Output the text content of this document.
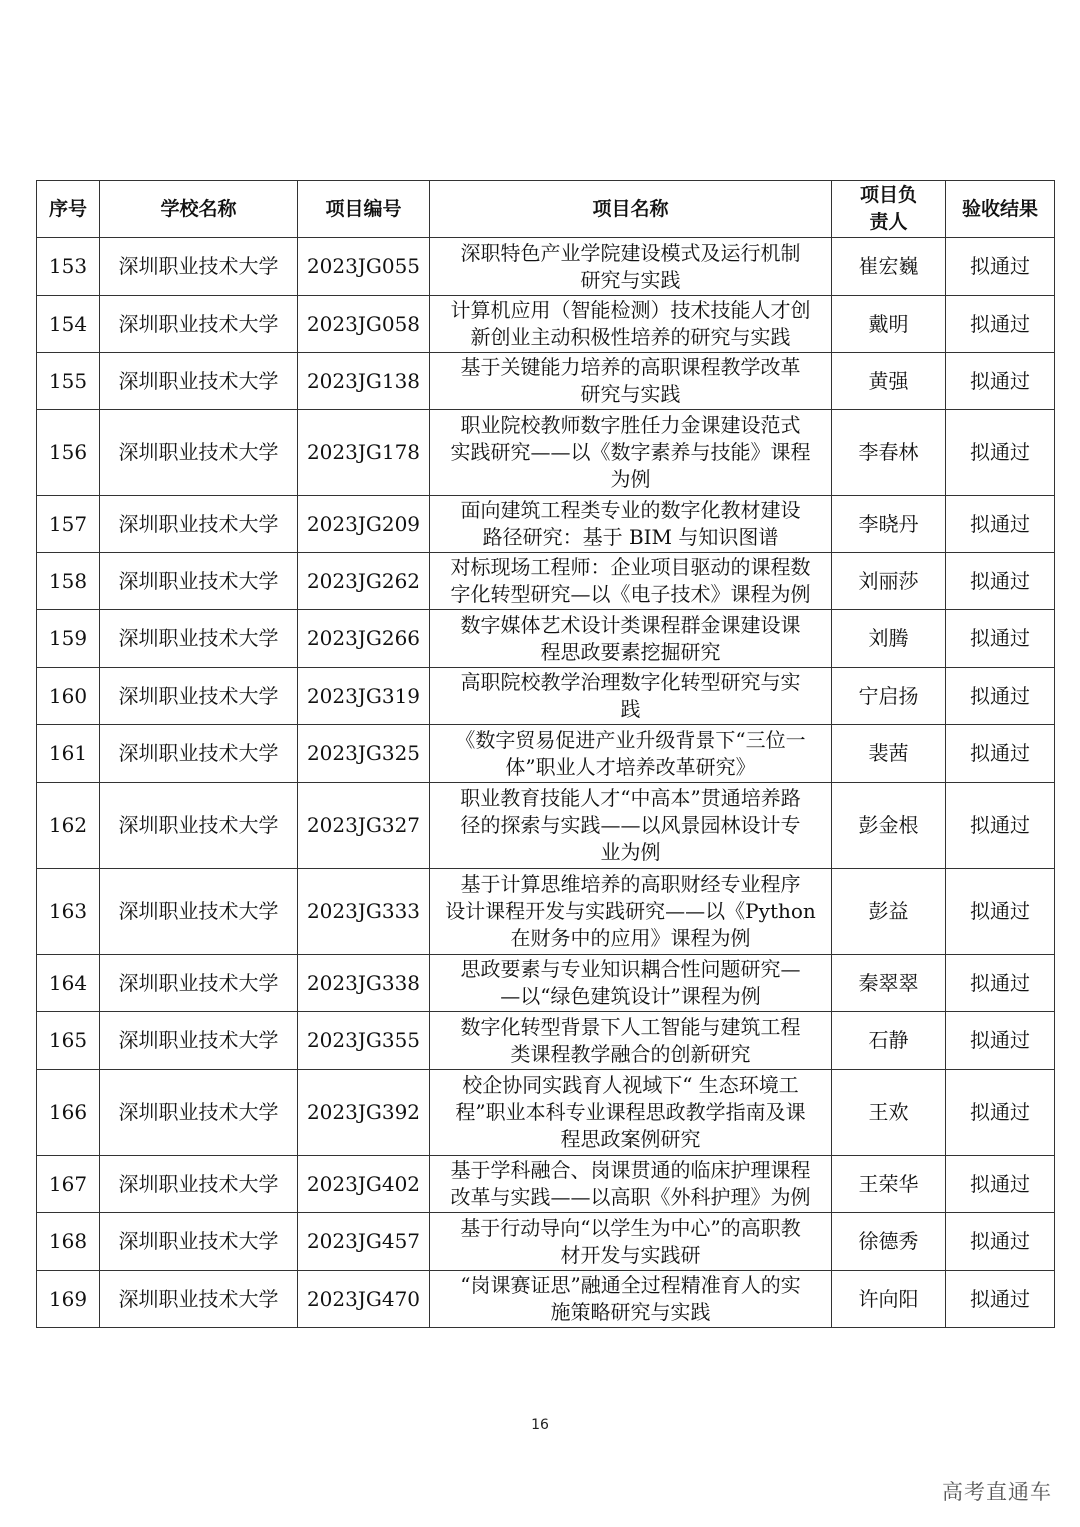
序号	学校名称	项目编号	项目名称	项目负责人	验收结果
153	深圳职业技术大学	2023JG055	深职特色产业学院建设模式及运行机制
研究与实践	崔宏巍	拟通过
154	深圳职业技术大学	2023JG058	计算机应用（智能检测）技术技能人才创
新创业主动积极性培养的研究与实践	戴明	拟通过
155	深圳职业技术大学	2023JG138	基于关键能力培养的高职课程教学改革
研究与实践	黄强	拟通过
156	深圳职业技术大学	2023JG178	职业院校教师数字胜任力金课建设范式
实践研究——以《数字素养与技能》课程
为例	李春林	拟通过
157	深圳职业技术大学	2023JG209	面向建筑工程类专业的数字化教材建设
路径研究：基于 BIM 与知识图谱	李晓丹	拟通过
158	深圳职业技术大学	2023JG262	对标现场工程师：企业项目驱动的课程数
字化转型研究—以《电子技术》课程为例	刘丽莎	拟通过
159	深圳职业技术大学	2023JG266	数字媒体艺术设计类课程群金课建设课
程思政要素挖掘研究	刘腾	拟通过
160	深圳职业技术大学	2023JG319	高职院校教学治理数字化转型研究与实
践	宁启扬	拟通过
161	深圳职业技术大学	2023JG325	《数字贸易促进产业升级背景下“三位一
体”职业人才培养改革研究》	裴茜	拟通过
162	深圳职业技术大学	2023JG327	职业教育技能人才“中高本”贯通培养路
径的探索与实践——以风景园林设计专
业为例	彭金根	拟通过
163	深圳职业技术大学	2023JG333	基于计算思维培养的高职财经专业程序
设计课程开发与实践研究——以《Python
在财务中的应用》课程为例	彭益	拟通过
164	深圳职业技术大学	2023JG338	思政要素与专业知识耦合性问题研究—
—以“绿色建筑设计”课程为例	秦翠翠	拟通过
165	深圳职业技术大学	2023JG355	数字化转型背景下人工智能与建筑工程
类课程教学融合的创新研究	石静	拟通过
166	深圳职业技术大学	2023JG392	校企协同实践育人视域下“ 生态环境工
程”职业本科专业课程思政教学指南及课
程思政案例研究	王欢	拟通过
167	深圳职业技术大学	2023JG402	基于学科融合、岗课贯通的临床护理课程
改革与实践——以高职《外科护理》为例	王荣华	拟通过
168	深圳职业技术大学	2023JG457	基于行动导向“以学生为中心”的高职教
材开发与实践研	徐德秀	拟通过
169	深圳职业技术大学	2023JG470	“岗课赛证思”融通全过程精准育人的实
施策略研究与实践	许向阳	拟通过
16
高考直通车
